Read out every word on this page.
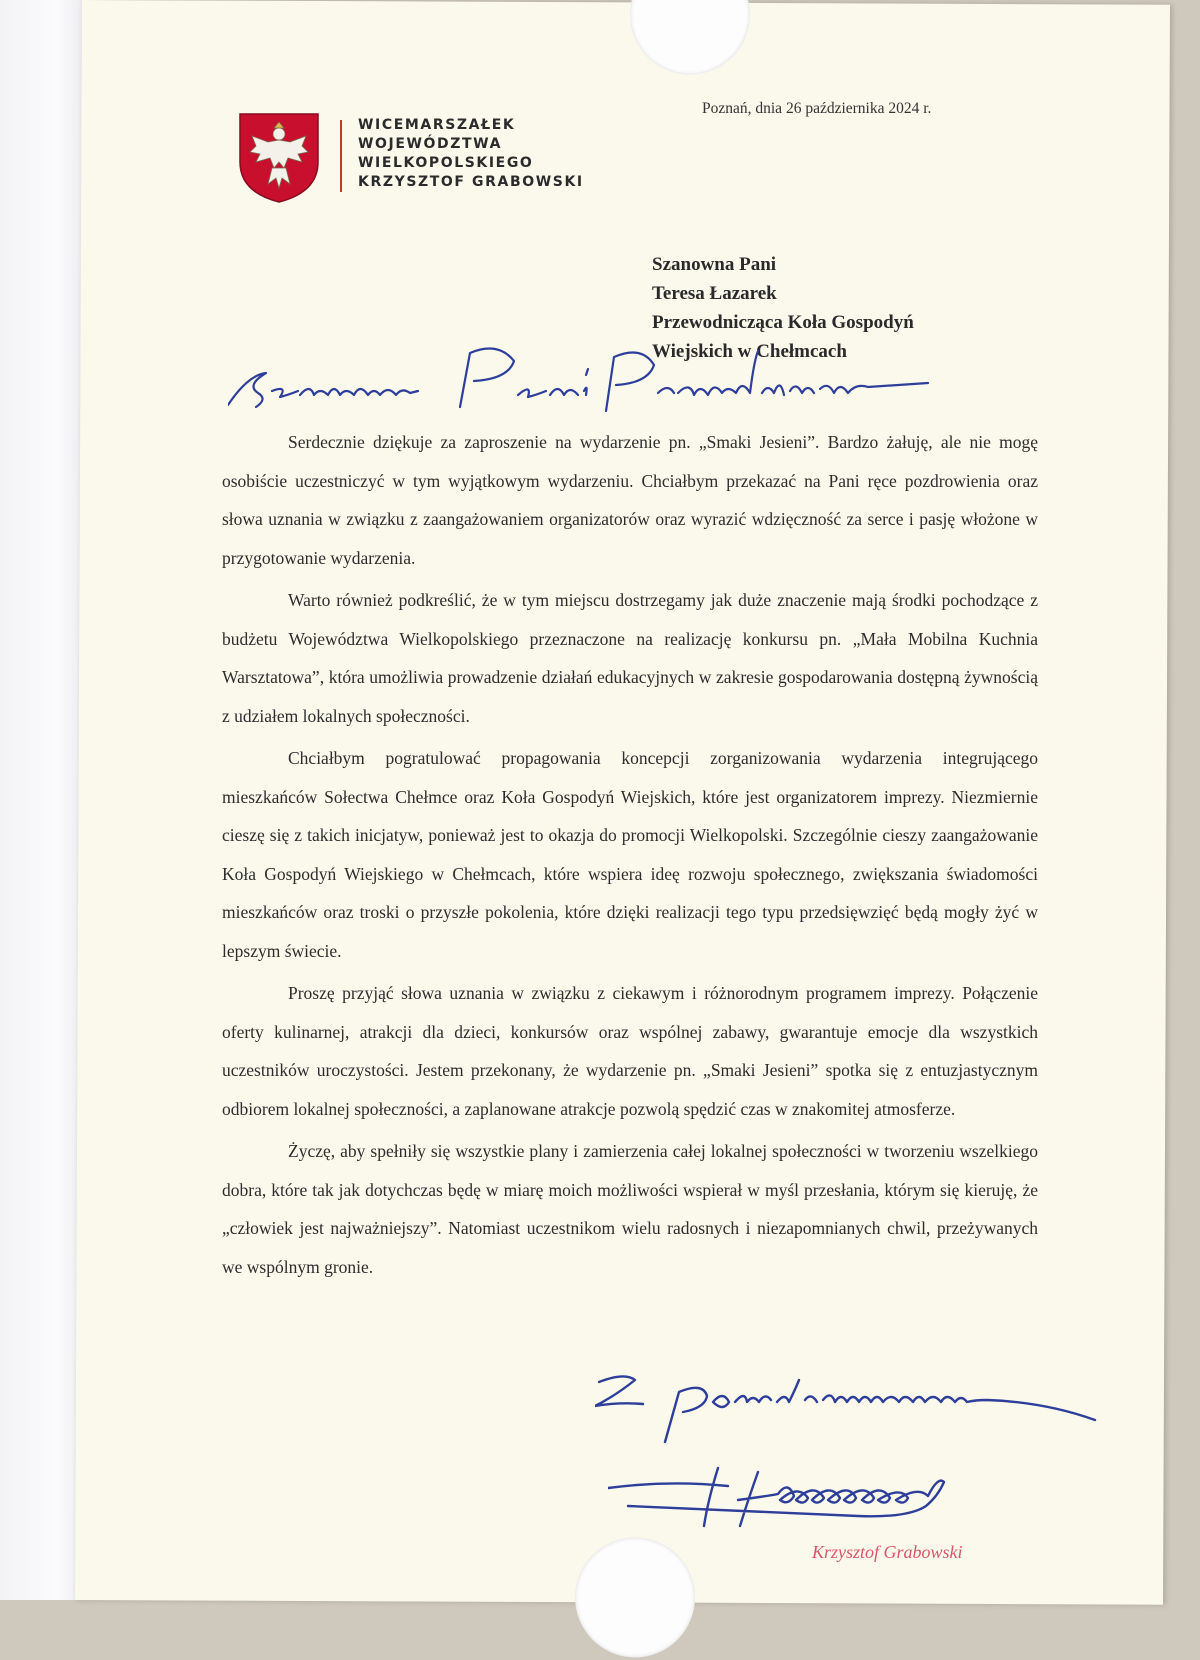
WICEMARSZAŁEK
WOJEWÓDZTWA
WIELKOPOLSKIEGO
KRZYSZTOF GRABOWSKI
Poznań, dnia 26 października 2024 r.
Szanowna Pani
Teresa Łazarek
Przewodnicząca Koła Gospodyń
Wiejskich w Chełmcach

Serdecznie dziękuje za zaproszenie na wydarzenie pn. „Smaki Jesieni”. Bardzo żałuję, ale nie mogę osobiście uczestniczyć w tym wyjątkowym wydarzeniu. Chciałbym przekazać na Pani ręce pozdrowienia oraz słowa uznania w związku z zaangażowaniem organizatorów oraz wyrazić wdzięczność za serce i pasję włożone w przygotowanie wydarzenia.

Warto również podkreślić, że w tym miejscu dostrzegamy jak duże znaczenie mają środki pochodzące z budżetu Województwa Wielkopolskiego przeznaczone na realizację konkursu pn. „Mała Mobilna Kuchnia Warsztatowa”, która umożliwia prowadzenie działań edukacyjnych w zakresie gospodarowania dostępną żywnością z udziałem lokalnych społeczności.

Chciałbym pogratulować propagowania koncepcji zorganizowania wydarzenia integrującego mieszkańców Sołectwa Chełmce oraz Koła Gospodyń Wiejskich, które jest organizatorem imprezy. Niezmiernie cieszę się z takich inicjatyw, ponieważ jest to okazja do promocji Wielkopolski. Szczególnie cieszy zaangażowanie Koła Gospodyń Wiejskiego w Chełmcach, które wspiera ideę rozwoju społecznego, zwiększania świadomości mieszkańców oraz troski o przyszłe pokolenia, które dzięki realizacji tego typu przedsięwzięć będą mogły żyć w lepszym świecie.

Proszę przyjąć słowa uznania w związku z ciekawym i różnorodnym programem imprezy. Połączenie oferty kulinarnej, atrakcji dla dzieci, konkursów oraz wspólnej zabawy, gwarantuje emocje dla wszystkich uczestników uroczystości. Jestem przekonany, że wydarzenie pn. „Smaki Jesieni” spotka się z entuzjastycznym odbiorem lokalnej społeczności, a zaplanowane atrakcje pozwolą spędzić czas w znakomitej atmosferze.

Życzę, aby spełniły się wszystkie plany i zamierzenia całej lokalnej społeczności w tworzeniu wszelkiego dobra, które tak jak dotychczas będę w miarę moich możliwości wspierał w myśl przesłania, którym się kieruję, że „człowiek jest najważniejszy”. Natomiast uczestnikom wielu radosnych i niezapomnianych chwil, przeżywanych we wspólnym gronie.

Krzysztof Grabowski
